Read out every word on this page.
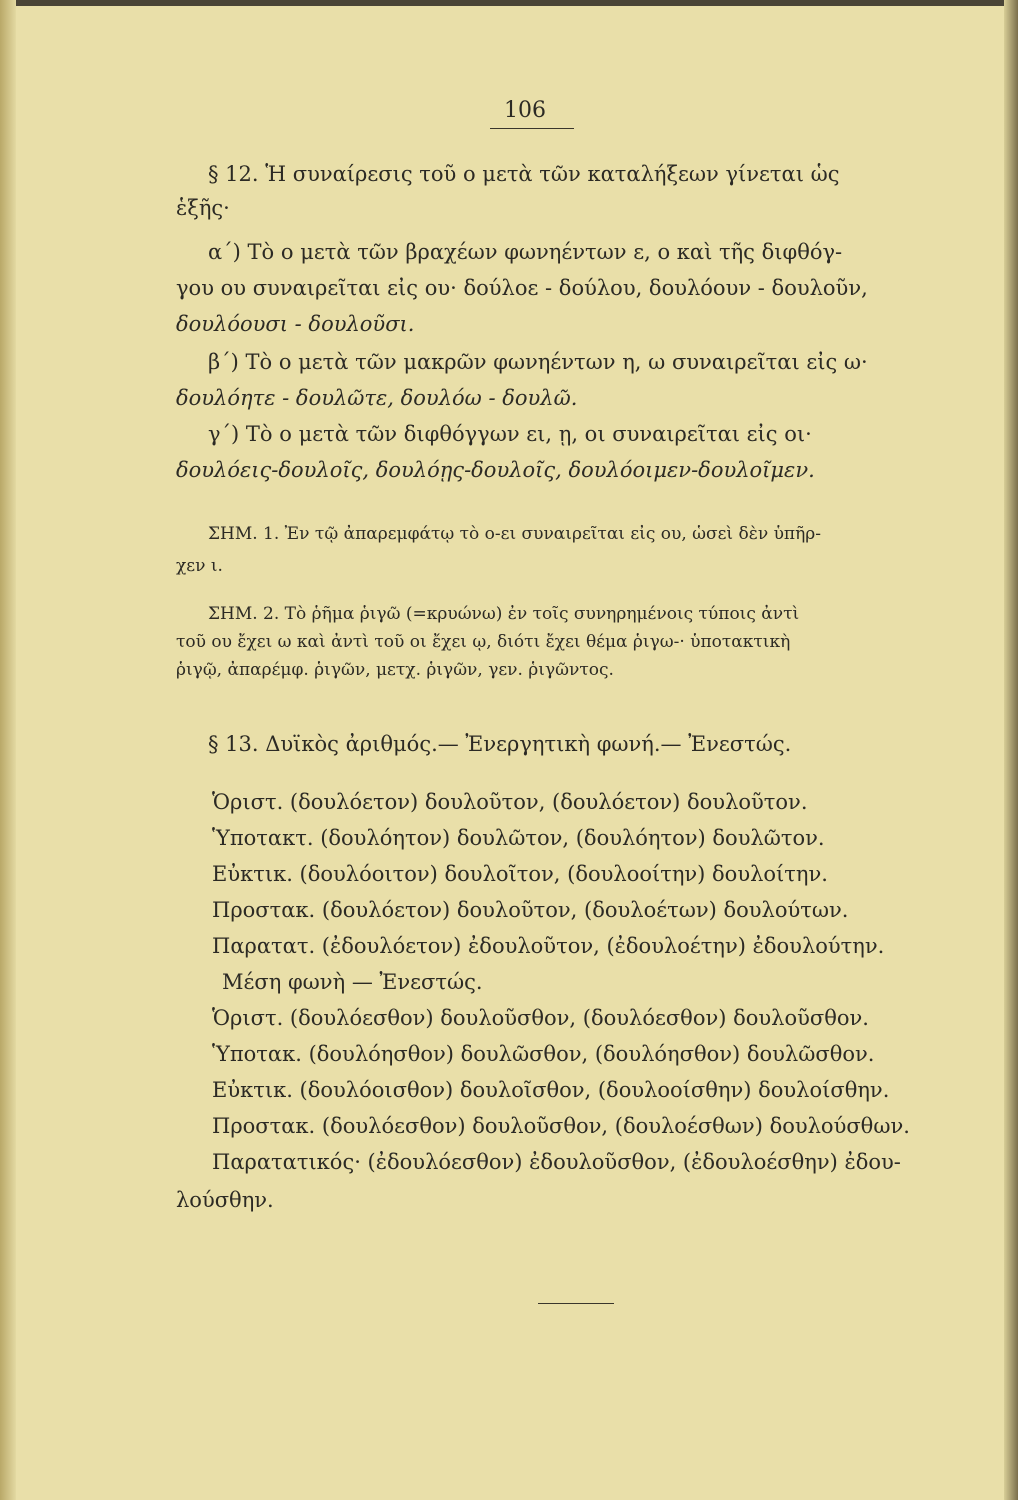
106
§ 12. Ἡ συναίρεσις τοῦ ο μετὰ τῶν καταλήξεων γίνεται ὡς
ἑξῆς·
α΄) Τὸ ο μετὰ τῶν βραχέων φωνηέντων ε, ο καὶ τῆς διφθόγ-
γου ου συναιρεῖται εἰς ου· δούλοε - δούλου, δουλόουν - δουλοῦν,
δουλόουσι - δουλοῦσι.
β΄) Τὸ ο μετὰ τῶν μακρῶν φωνηέντων η, ω συναιρεῖται εἰς ω·
δουλόητε - δουλῶτε, δουλόω - δουλῶ.
γ΄) Τὸ ο μετὰ τῶν διφθόγγων ει, ῃ, οι συναιρεῖται εἰς οι·
δουλόεις-δουλοῖς, δουλόῃς-δουλοῖς, δουλόοιμεν-δουλοῖμεν.
ΣΗΜ. 1. Ἐν τῷ ἀπαρεμφάτῳ τὸ ο-ει συναιρεῖται εἰς ου, ὡσεὶ δὲν ὑπῆρ-
χεν ι.
ΣΗΜ. 2. Τὸ ῥῆμα ῥιγῶ (=κρυώνω) ἐν τοῖς συνηρημένοις τύποις ἀντὶ
τοῦ ου ἔχει ω καὶ ἀντὶ τοῦ οι ἔχει ῳ, διότι ἔχει θέμα ῥιγω-· ὑποτακτικὴ
ῥιγῷ, ἀπαρέμφ. ῥιγῶν, μετχ. ῥιγῶν, γεν. ῥιγῶντος.
§ 13. Δυϊκὸς ἀριθμός.— Ἐνεργητικὴ φωνή.— Ἐνεστώς.
Ὁριστ. (δουλόετον) δουλοῦτον, (δουλόετον) δουλοῦτον.
Ὑποτακτ. (δουλόητον) δουλῶτον, (δουλόητον) δουλῶτον.
Εὐκτικ. (δουλόοιτον) δουλοῖτον, (δουλοοίτην) δουλοίτην.
Προστακ. (δουλόετον) δουλοῦτον, (δουλοέτων) δουλούτων.
Παρατατ. (ἐδουλόετον) ἐδουλοῦτον, (ἐδουλοέτην) ἐδουλούτην.
Μέση φωνὴ — Ἐνεστώς.
Ὁριστ. (δουλόεσθον) δουλοῦσθον, (δουλόεσθον) δουλοῦσθον.
Ὑποτακ. (δουλόησθον) δουλῶσθον, (δουλόησθον) δουλῶσθον.
Εὐκτικ. (δουλόοισθον) δουλοῖσθον, (δουλοοίσθην) δουλοίσθην.
Προστακ. (δουλόεσθον) δουλοῦσθον, (δουλοέσθων) δουλούσθων.
Παρατατικός· (ἐδουλόεσθον) ἐδουλοῦσθον, (ἐδουλοέσθην) ἐδου-
λούσθην.
